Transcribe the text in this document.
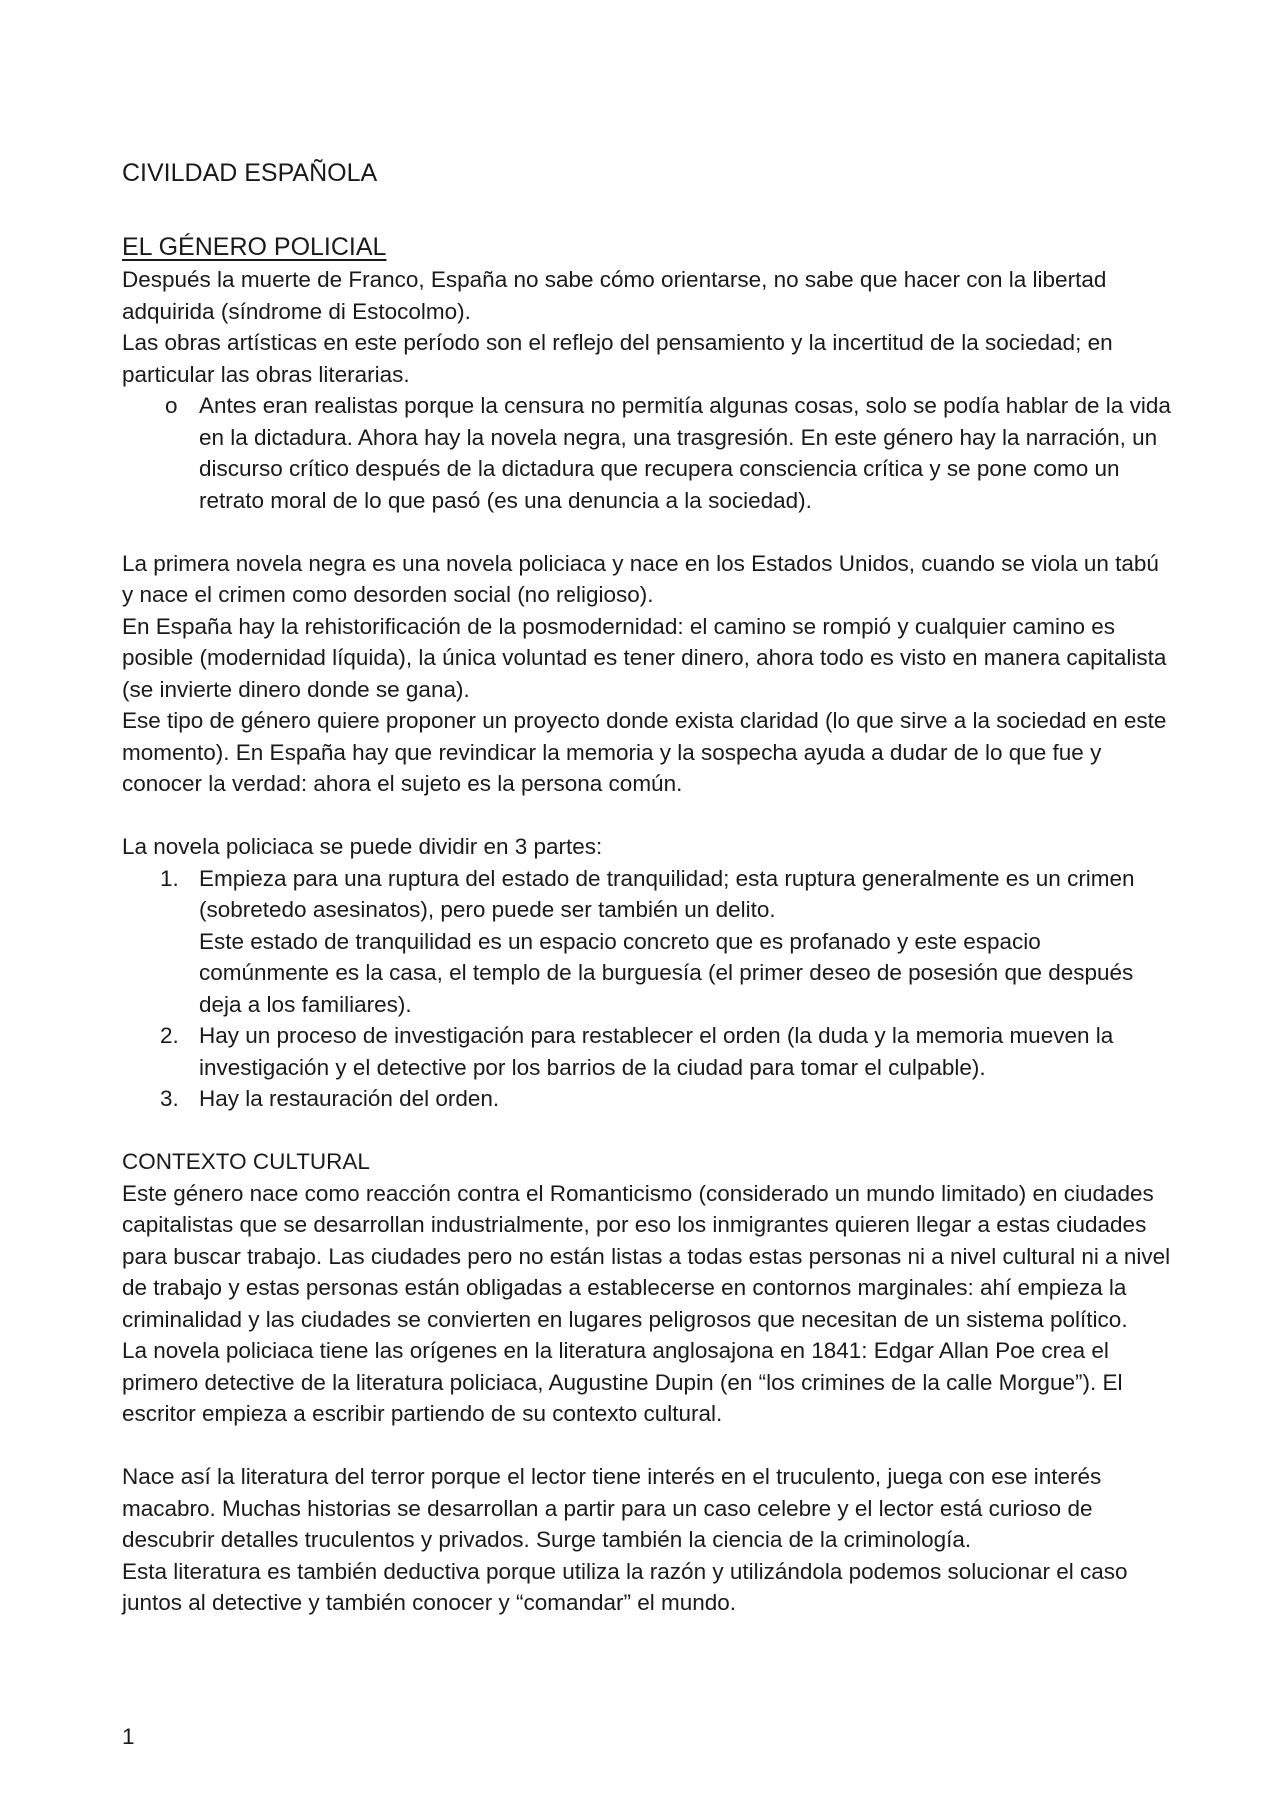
CIVILDAD ESPAÑOLA
EL GÉNERO POLICIAL

Después la muerte de Franco, España no sabe cómo orientarse, no sabe que hacer con la libertad adquirida (síndrome di Estocolmo).

Las obras artísticas en este período son el reflejo del pensamiento y la incertitud de la sociedad; en particular las obras literarias.

o Antes eran realistas porque la censura no permitía algunas cosas, solo se podía hablar de la vida en la dictadura. Ahora hay la novela negra, una trasgresión. En este género hay la narración, un discurso crítico después de la dictadura que recupera consciencia crítica y se pone como un retrato moral de lo que pasó (es una denuncia a la sociedad).

La primera novela negra es una novela policiaca y nace en los Estados Unidos, cuando se viola un tabú y nace el crimen como desorden social (no religioso).

En España hay la rehistorificación de la posmodernidad: el camino se rompió y cualquier camino es posible (modernidad líquida), la única voluntad es tener dinero, ahora todo es visto en manera capitalista (se invierte dinero donde se gana).

Ese tipo de género quiere proponer un proyecto donde exista claridad (lo que sirve a la sociedad en este momento). En España hay que revindicar la memoria y la sospecha ayuda a dudar de lo que fue y conocer la verdad: ahora el sujeto es la persona común.

La novela policiaca se puede dividir en 3 partes:

1. Empieza para una ruptura del estado de tranquilidad; esta ruptura generalmente es un crimen (sobretedo asesinatos), pero puede ser también un delito.
Este estado de tranquilidad es un espacio concreto que es profanado y este espacio comúnmente es la casa, el templo de la burguesía (el primer deseo de posesión que después deja a los familiares).
2. Hay un proceso de investigación para restablecer el orden (la duda y la memoria mueven la investigación y el detective por los barrios de la ciudad para tomar el culpable).
3. Hay la restauración del orden.

CONTEXTO CULTURAL

Este género nace como reacción contra el Romanticismo (considerado un mundo limitado) en ciudades capitalistas que se desarrollan industrialmente, por eso los inmigrantes quieren llegar a estas ciudades para buscar trabajo. Las ciudades pero no están listas a todas estas personas ni a nivel cultural ni a nivel de trabajo y estas personas están obligadas a establecerse en contornos marginales: ahí empieza la criminalidad y las ciudades se convierten en lugares peligrosos que necesitan de un sistema político.

La novela policiaca tiene las orígenes en la literatura anglosajona en 1841: Edgar Allan Poe crea el primero detective de la literatura policiaca, Augustine Dupin (en “los crimines de la calle Morgue”). El escritor empieza a escribir partiendo de su contexto cultural.

Nace así la literatura del terror porque el lector tiene interés en el truculento, juega con ese interés macabro. Muchas historias se desarrollan a partir para un caso celebre y el lector está curioso de descubrir detalles truculentos y privados. Surge también la ciencia de la criminología.

Esta literatura es también deductiva porque utiliza la razón y utilizándola podemos solucionar el caso juntos al detective y también conocer y “comandar” el mundo.

1
